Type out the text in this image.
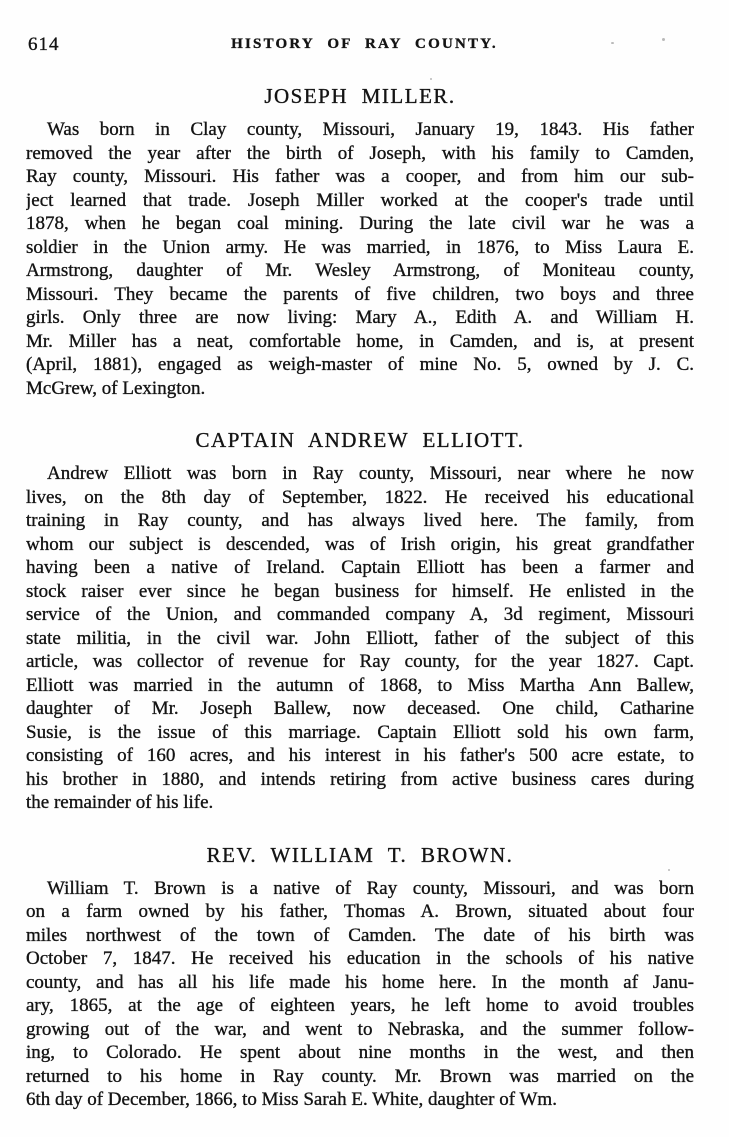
614	HISTORY OF RAY COUNTY.
JOSEPH MILLER.
Was born in Clay county, Missouri, January 19, 1843. His father
removed the year after the birth of Joseph, with his family to Camden,
Ray county, Missouri. His father was a cooper, and from him our sub-
ject learned that trade. Joseph Miller worked at the cooper's trade until
1878, when he began coal mining. During the late civil war he was a
soldier in the Union army. He was married, in 1876, to Miss Laura E.
Armstrong, daughter of Mr. Wesley Armstrong, of Moniteau county,
Missouri. They became the parents of five children, two boys and three
girls. Only three are now living: Mary A., Edith A. and William H.
Mr. Miller has a neat, comfortable home, in Camden, and is, at present
(April, 1881), engaged as weigh-master of mine No. 5, owned by J. C.
McGrew, of Lexington.
CAPTAIN ANDREW ELLIOTT.
Andrew Elliott was born in Ray county, Missouri, near where he now
lives, on the 8th day of September, 1822. He received his educational
training in Ray county, and has always lived here. The family, from
whom our subject is descended, was of Irish origin, his great grandfather
having been a native of Ireland. Captain Elliott has been a farmer and
stock raiser ever since he began business for himself. He enlisted in the
service of the Union, and commanded company A, 3d regiment, Missouri
state militia, in the civil war. John Elliott, father of the subject of this
article, was collector of revenue for Ray county, for the year 1827. Capt.
Elliott was married in the autumn of 1868, to Miss Martha Ann Ballew,
daughter of Mr. Joseph Ballew, now deceased. One child, Catharine
Susie, is the issue of this marriage. Captain Elliott sold his own farm,
consisting of 160 acres, and his interest in his father's 500 acre estate, to
his brother in 1880, and intends retiring from active business cares during
the remainder of his life.
REV. WILLIAM T. BROWN.
William T. Brown is a native of Ray county, Missouri, and was born
on a farm owned by his father, Thomas A. Brown, situated about four
miles northwest of the town of Camden. The date of his birth was
October 7, 1847. He received his education in the schools of his native
county, and has all his life made his home here. In the month af Janu-
ary, 1865, at the age of eighteen years, he left home to avoid troubles
growing out of the war, and went to Nebraska, and the summer follow-
ing, to Colorado. He spent about nine months in the west, and then
returned to his home in Ray county. Mr. Brown was married on the
6th day of December, 1866, to Miss Sarah E. White, daughter of Wm.
